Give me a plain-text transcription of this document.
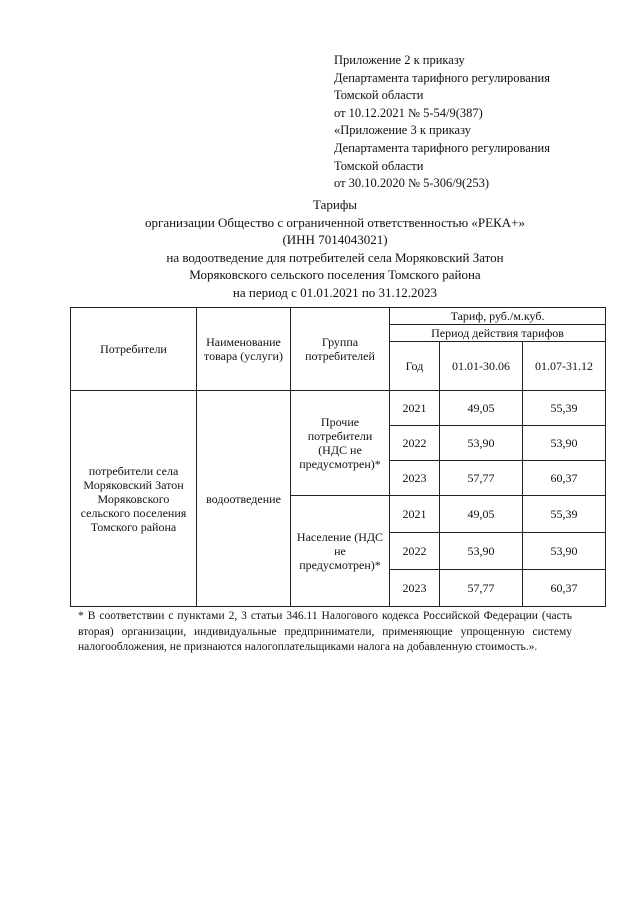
Приложение 2 к приказу
Департамента тарифного регулирования
Томской области
от 10.12.2021 № 5-54/9(387)
«Приложение 3 к приказу
Департамента тарифного регулирования
Томской области
от 30.10.2020 № 5-306/9(253)
Тарифы
организации Общество с ограниченной ответственностью «РЕКА+»
(ИНН 7014043021)
на водоотведение для потребителей села Моряковский Затон
Моряковского сельского поселения Томского района
на период с 01.01.2021 по 31.12.2023
Потребители	Наименование товара (услуги)	Группа потребителей	Тариф, руб./м.куб.		
			Период действия тарифов		
			Год	01.01-30.06	01.07-31.12
потребители села Моряковский Затон Моряковского сельского поселения Томского района	водоотведение	Прочие потребители (НДС не предусмотрен)*	2021	49,05	55,39
			2022	53,90	53,90
			2023	57,77	60,37
		Население (НДС не предусмотрен)*	2021	49,05	55,39
			2022	53,90	53,90
			2023	57,77	60,37
* В соответствии с пунктами 2, 3 статьи 346.11 Налогового кодекса Российской Федерации (часть вторая) организации, индивидуальные предприниматели, применяющие упрощенную систему налогообложения, не признаются налогоплательщиками налога на добавленную стоимость.».
